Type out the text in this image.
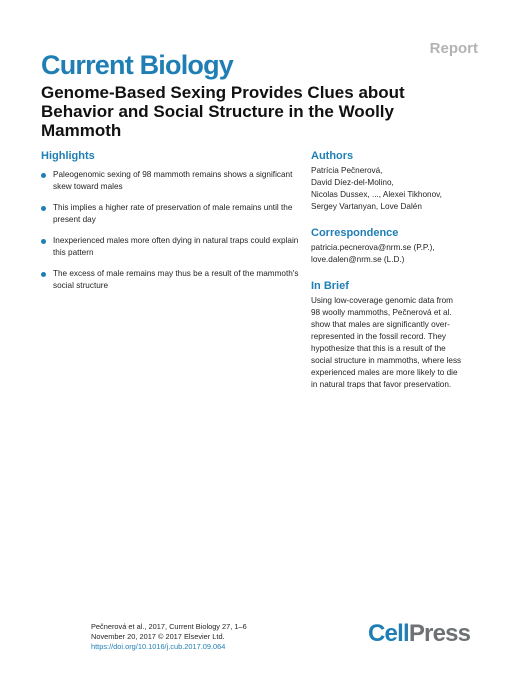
Report
Current Biology
Genome-Based Sexing Provides Clues about Behavior and Social Structure in the Woolly Mammoth
Highlights
Paleogenomic sexing of 98 mammoth remains shows a significant skew toward males
This implies a higher rate of preservation of male remains until the present day
Inexperienced males more often dying in natural traps could explain this pattern
The excess of male remains may thus be a result of the mammoth's social structure
Authors
Patrícia Pečnerová,
David Díez-del-Molino,
Nicolas Dussex, ..., Alexei Tikhonov,
Sergey Vartanyan, Love Dalén
Correspondence
patricia.pecnerova@nrm.se (P.P.),
love.dalen@nrm.se (L.D.)
In Brief
Using low-coverage genomic data from
98 woolly mammoths, Pečnerová et al.
show that males are significantly over-
represented in the fossil record. They
hypothesize that this is a result of the
social structure in mammoths, where less
experienced males are more likely to die
in natural traps that favor preservation.
Pečnerová et al., 2017, Current Biology 27, 1–6
November 20, 2017 © 2017 Elsevier Ltd.
https://doi.org/10.1016/j.cub.2017.09.064	CellPress
